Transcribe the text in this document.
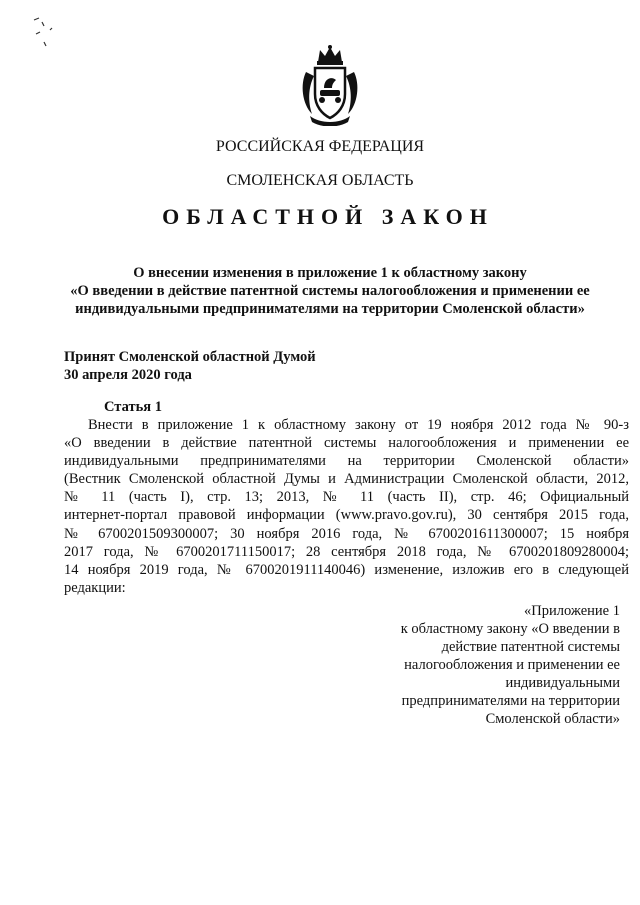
РОССИЙСКАЯ ФЕДЕРАЦИЯ
СМОЛЕНСКАЯ ОБЛАСТЬ
ОБЛАСТНОЙ ЗАКОН
О внесении изменения в приложение 1 к областному закону
«О введении в действие патентной системы налогообложения и применении ее
индивидуальными предпринимателями на территории Смоленской области»
Принят Смоленской областной Думой
30 апреля 2020 года
Статья 1
Внести в приложение 1 к областному закону от 19 ноября 2012 года № 90-з
«О введении в действие патентной системы налогообложения и применении ее
индивидуальными предпринимателями на территории Смоленской области»
(Вестник Смоленской областной Думы и Администрации Смоленской области, 2012,
№ 11 (часть I), стр. 13; 2013, № 11 (часть II), стр. 46; Официальный
интернет-портал правовой информации (www.pravo.gov.ru), 30 сентября 2015 года,
№ 6700201509300007; 30 ноября 2016 года, № 6700201611300007; 15 ноября
2017 года, № 6700201711150017; 28 сентября 2018 года, № 6700201809280004;
14 ноября 2019 года, № 6700201911140046) изменение, изложив его в следующей
редакции:
«Приложение 1
к областному закону «О введении в
действие патентной системы
налогообложения и применении ее
индивидуальными
предпринимателями на территории
Смоленской области»
